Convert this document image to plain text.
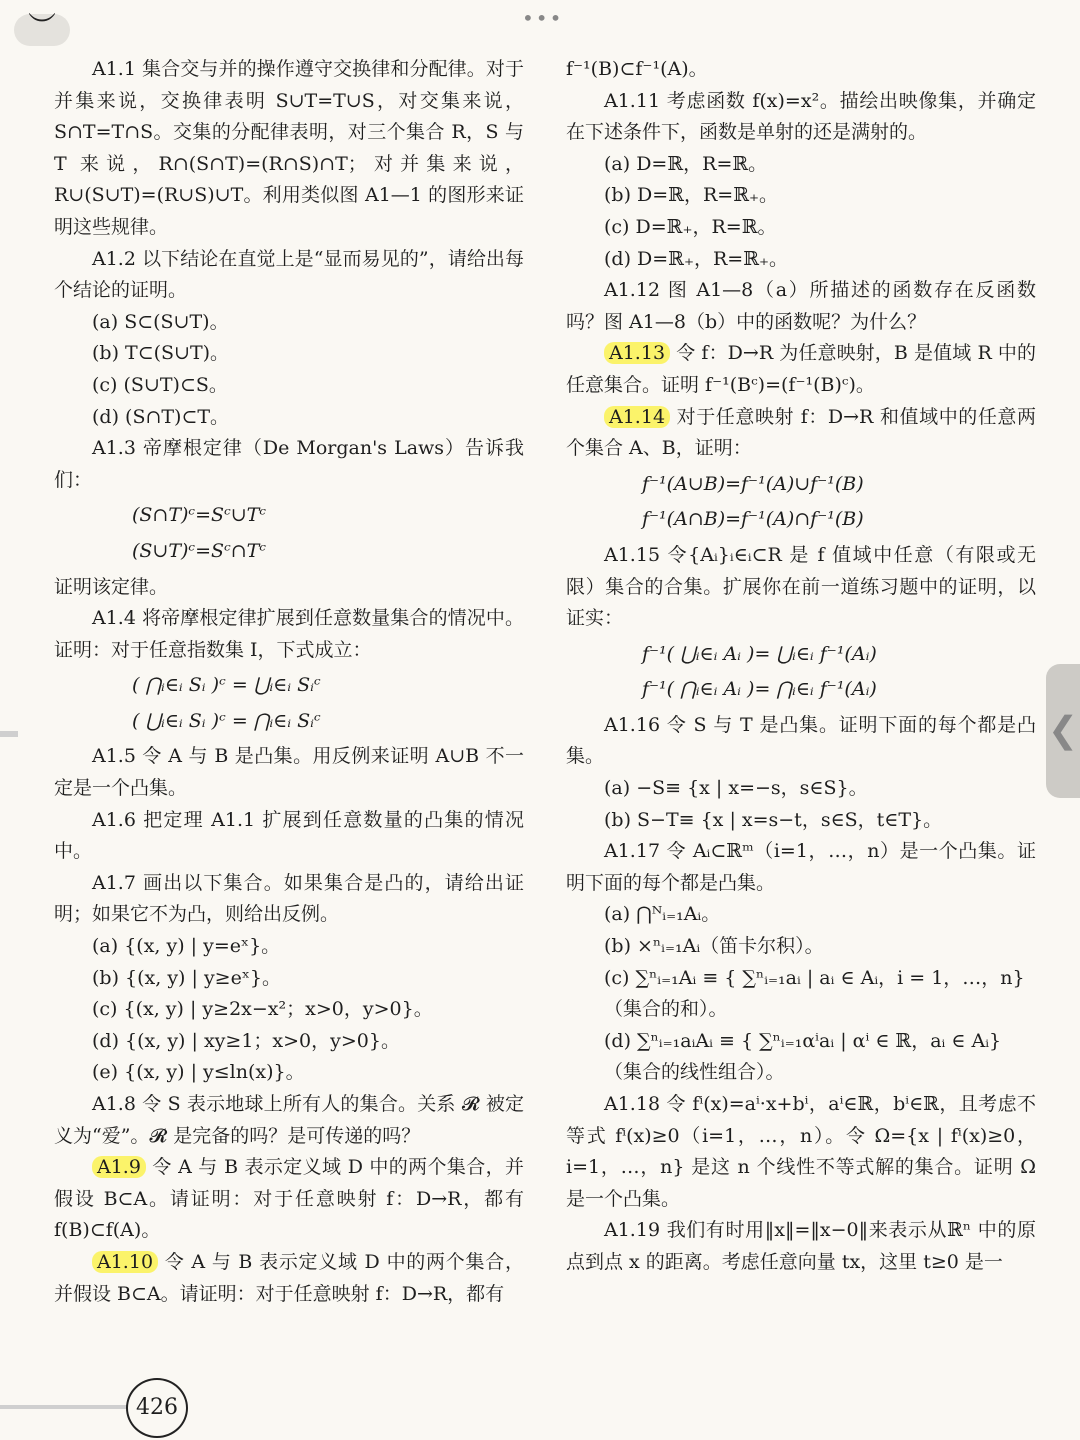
︶	•••

A1.1 集合交与并的操作遵守交换律和分配律。对于并集来说，交换律表明 S∪T=T∪S，对交集来说，S∩T=T∩S。交集的分配律表明，对三个集合 R，S 与 T 来说，R∩(S∩T)=(R∩S)∩T；对并集来说，R∪(S∪T)=(R∪S)∪T。利用类似图 A1—1 的图形来证明这些规律。

A1.2 以下结论在直觉上是“显而易见的”，请给出每个结论的证明。

(a) S⊂(S∪T)。

(b) T⊂(S∪T)。

(c) (S∪T)⊂S。

(d) (S∩T)⊂T。

A1.3 帝摩根定律（De Morgan's Laws）告诉我们：

(S∩T)ᶜ=Sᶜ∪Tᶜ

(S∪T)ᶜ=Sᶜ∩Tᶜ

证明该定律。

A1.4 将帝摩根定律扩展到任意数量集合的情况中。证明：对于任意指数集 I，下式成立：

( ⋂ᵢ∈ᵢ Sᵢ )ᶜ = ⋃ᵢ∈ᵢ Sᵢᶜ

( ⋃ᵢ∈ᵢ Sᵢ )ᶜ = ⋂ᵢ∈ᵢ Sᵢᶜ

A1.5 令 A 与 B 是凸集。用反例来证明 A∪B 不一定是一个凸集。

A1.6 把定理 A1.1 扩展到任意数量的凸集的情况中。

A1.7 画出以下集合。如果集合是凸的，请给出证明；如果它不为凸，则给出反例。

(a) {(x, y) | y=eˣ}。

(b) {(x, y) | y≥eˣ}。

(c) {(x, y) | y≥2x−x²；x>0，y>0}。

(d) {(x, y) | xy≥1；x>0，y>0}。

(e) {(x, y) | y≤ln(x)}。

A1.8 令 S 表示地球上所有人的集合。关系 𝓡 被定义为“爱”。𝓡 是完备的吗？是可传递的吗？

A1.9 令 A 与 B 表示定义域 D 中的两个集合，并假设 B⊂A。请证明：对于任意映射 f：D→R，都有 f(B)⊂f(A)。

A1.10 令 A 与 B 表示定义域 D 中的两个集合，并假设 B⊂A。请证明：对于任意映射 f：D→R，都有

f⁻¹(B)⊂f⁻¹(A)。

A1.11 考虑函数 f(x)=x²。描绘出映像集，并确定在下述条件下，函数是单射的还是满射的。

(a) D=ℝ，R=ℝ。

(b) D=ℝ，R=ℝ₊。

(c) D=ℝ₊，R=ℝ。

(d) D=ℝ₊，R=ℝ₊。

A1.12 图 A1—8（a）所描述的函数存在反函数吗？图 A1—8（b）中的函数呢？为什么？

A1.13 令 f：D→R 为任意映射，B 是值域 R 中的任意集合。证明 f⁻¹(Bᶜ)=(f⁻¹(B)ᶜ)。

A1.14 对于任意映射 f：D→R 和值域中的任意两个集合 A、B，证明：

f⁻¹(A∪B)=f⁻¹(A)∪f⁻¹(B)

f⁻¹(A∩B)=f⁻¹(A)∩f⁻¹(B)

A1.15 令{Aᵢ}ᵢ∈ᵢ⊂R 是 f 值域中任意（有限或无限）集合的合集。扩展你在前一道练习题中的证明，以证实：

f⁻¹( ⋃ᵢ∈ᵢ Aᵢ )= ⋃ᵢ∈ᵢ f⁻¹(Aᵢ)

f⁻¹( ⋂ᵢ∈ᵢ Aᵢ )= ⋂ᵢ∈ᵢ f⁻¹(Aᵢ)

A1.16 令 S 与 T 是凸集。证明下面的每个都是凸集。

(a) −S≡ {x | x=−s，s∈S}。

(b) S−T≡ {x | x=s−t，s∈S，t∈T}。

A1.17 令 Aᵢ⊂ℝᵐ（i=1，…，n）是一个凸集。证明下面的每个都是凸集。

(a) ⋂ᴺᵢ₌₁Aᵢ。

(b) ×ⁿᵢ₌₁Aᵢ（笛卡尔积）。

(c) ∑ⁿᵢ₌₁Aᵢ ≡ { ∑ⁿᵢ₌₁aᵢ | aᵢ ∈ Aᵢ，i = 1，…，n}（集合的和）。

(d) ∑ⁿᵢ₌₁aᵢAᵢ ≡ { ∑ⁿᵢ₌₁αⁱaᵢ | αⁱ ∈ ℝ，aᵢ ∈ Aᵢ}（集合的线性组合）。

A1.18 令 fⁱ(x)=aⁱ·x+bⁱ，aⁱ∈ℝ，bⁱ∈ℝ，且考虑不等式 fⁱ(x)≥0（i=1，…，n）。令 Ω={x | fⁱ(x)≥0，i=1，…，n} 是这 n 个线性不等式解的集合。证明 Ω 是一个凸集。

A1.19 我们有时用‖x‖=‖x−0‖来表示从ℝⁿ 中的原点到点 x 的距离。考虑任意向量 tx，这里 t≥0 是一

❮
426
